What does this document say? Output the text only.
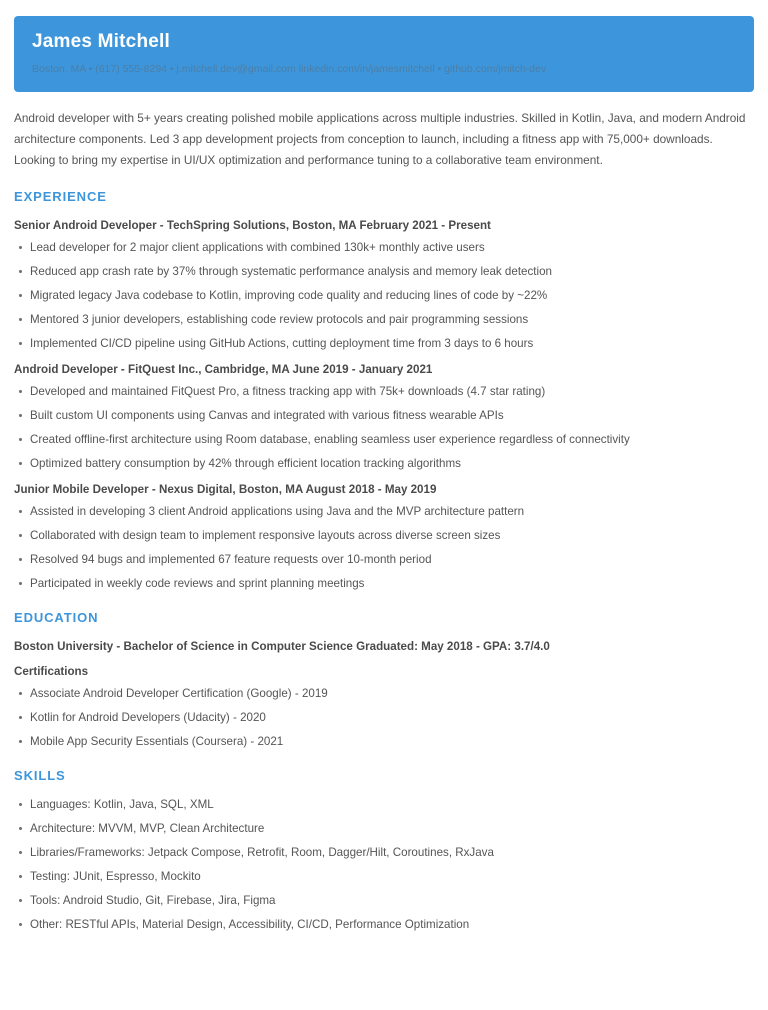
James Mitchell
Boston, MA • (617) 555-8294 • j.mitchell.dev@gmail.com linkedin.com/in/jamesmitchell • github.com/jmitch-dev
Android developer with 5+ years creating polished mobile applications across multiple industries. Skilled in Kotlin, Java, and modern Android architecture components. Led 3 app development projects from conception to launch, including a fitness app with 75,000+ downloads. Looking to bring my expertise in UI/UX optimization and performance tuning to a collaborative team environment.
EXPERIENCE
Senior Android Developer - TechSpring Solutions, Boston, MA February 2021 - Present
Lead developer for 2 major client applications with combined 130k+ monthly active users
Reduced app crash rate by 37% through systematic performance analysis and memory leak detection
Migrated legacy Java codebase to Kotlin, improving code quality and reducing lines of code by ~22%
Mentored 3 junior developers, establishing code review protocols and pair programming sessions
Implemented CI/CD pipeline using GitHub Actions, cutting deployment time from 3 days to 6 hours
Android Developer - FitQuest Inc., Cambridge, MA June 2019 - January 2021
Developed and maintained FitQuest Pro, a fitness tracking app with 75k+ downloads (4.7 star rating)
Built custom UI components using Canvas and integrated with various fitness wearable APIs
Created offline-first architecture using Room database, enabling seamless user experience regardless of connectivity
Optimized battery consumption by 42% through efficient location tracking algorithms
Junior Mobile Developer - Nexus Digital, Boston, MA August 2018 - May 2019
Assisted in developing 3 client Android applications using Java and the MVP architecture pattern
Collaborated with design team to implement responsive layouts across diverse screen sizes
Resolved 94 bugs and implemented 67 feature requests over 10-month period
Participated in weekly code reviews and sprint planning meetings
EDUCATION
Boston University - Bachelor of Science in Computer Science Graduated: May 2018 - GPA: 3.7/4.0
Certifications
Associate Android Developer Certification (Google) - 2019
Kotlin for Android Developers (Udacity) - 2020
Mobile App Security Essentials (Coursera) - 2021
SKILLS
Languages: Kotlin, Java, SQL, XML
Architecture: MVVM, MVP, Clean Architecture
Libraries/Frameworks: Jetpack Compose, Retrofit, Room, Dagger/Hilt, Coroutines, RxJava
Testing: JUnit, Espresso, Mockito
Tools: Android Studio, Git, Firebase, Jira, Figma
Other: RESTful APIs, Material Design, Accessibility, CI/CD, Performance Optimization
